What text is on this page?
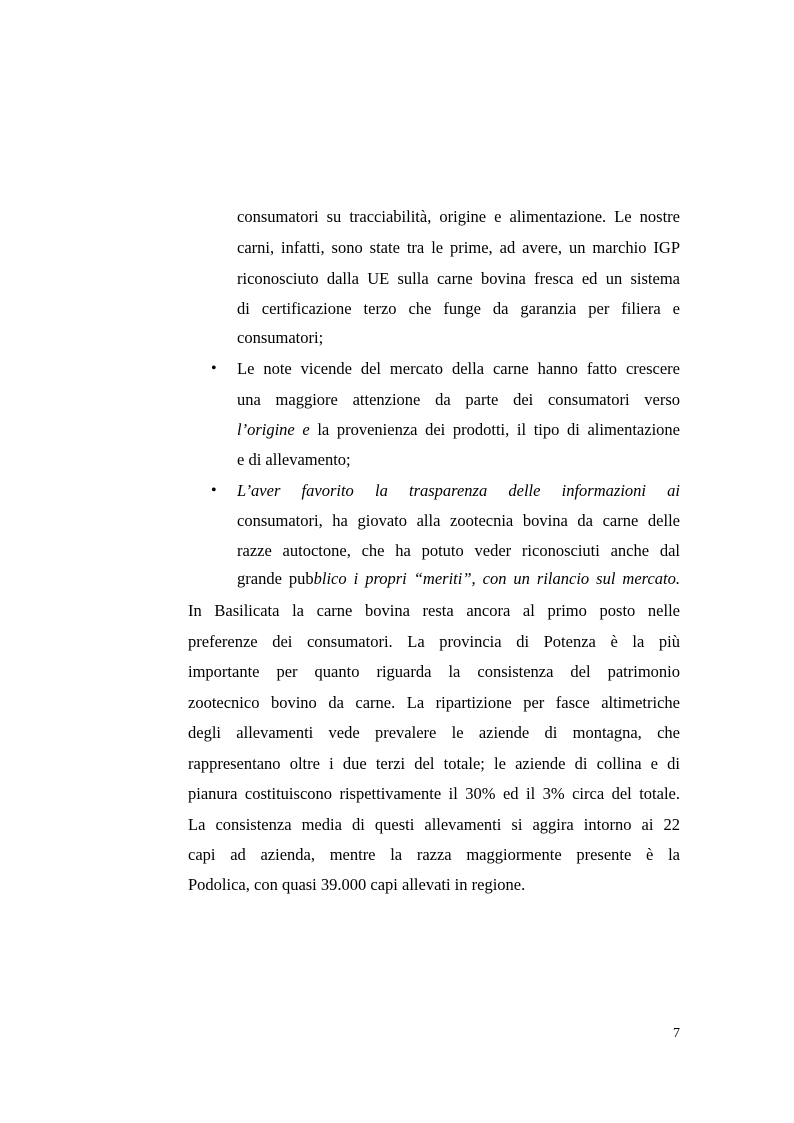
consumatori su tracciabilità, origine e alimentazione. Le nostre
carni, infatti, sono state tra le prime, ad avere, un marchio IGP
riconosciuto dalla UE sulla carne bovina fresca ed un sistema
di certificazione terzo che funge da garanzia per filiera e
consumatori;
•	Le note vicende del mercato della carne hanno fatto crescere
una maggiore attenzione da parte dei consumatori verso
l’origine e la provenienza dei prodotti, il tipo di alimentazione
e di allevamento;
•	L’aver favorito la trasparenza delle informazioni ai
consumatori, ha giovato alla zootecnia bovina da carne delle
razze autoctone, che ha potuto veder riconosciuti anche dal
grande pubblico i propri “meriti”, con un rilancio sul mercato.
In Basilicata la carne bovina resta ancora al primo posto nelle
preferenze dei consumatori. La provincia di Potenza è la più
importante per quanto riguarda la consistenza del patrimonio
zootecnico bovino da carne. La ripartizione per fasce altimetriche
degli allevamenti vede prevalere le aziende di montagna, che
rappresentano oltre i due terzi del totale; le aziende di collina e di
pianura costituiscono rispettivamente il 30% ed il 3% circa del totale.
La consistenza media di questi allevamenti si aggira intorno ai 22
capi ad azienda, mentre la razza maggiormente presente è la
Podolica, con quasi 39.000 capi allevati in regione.
7
